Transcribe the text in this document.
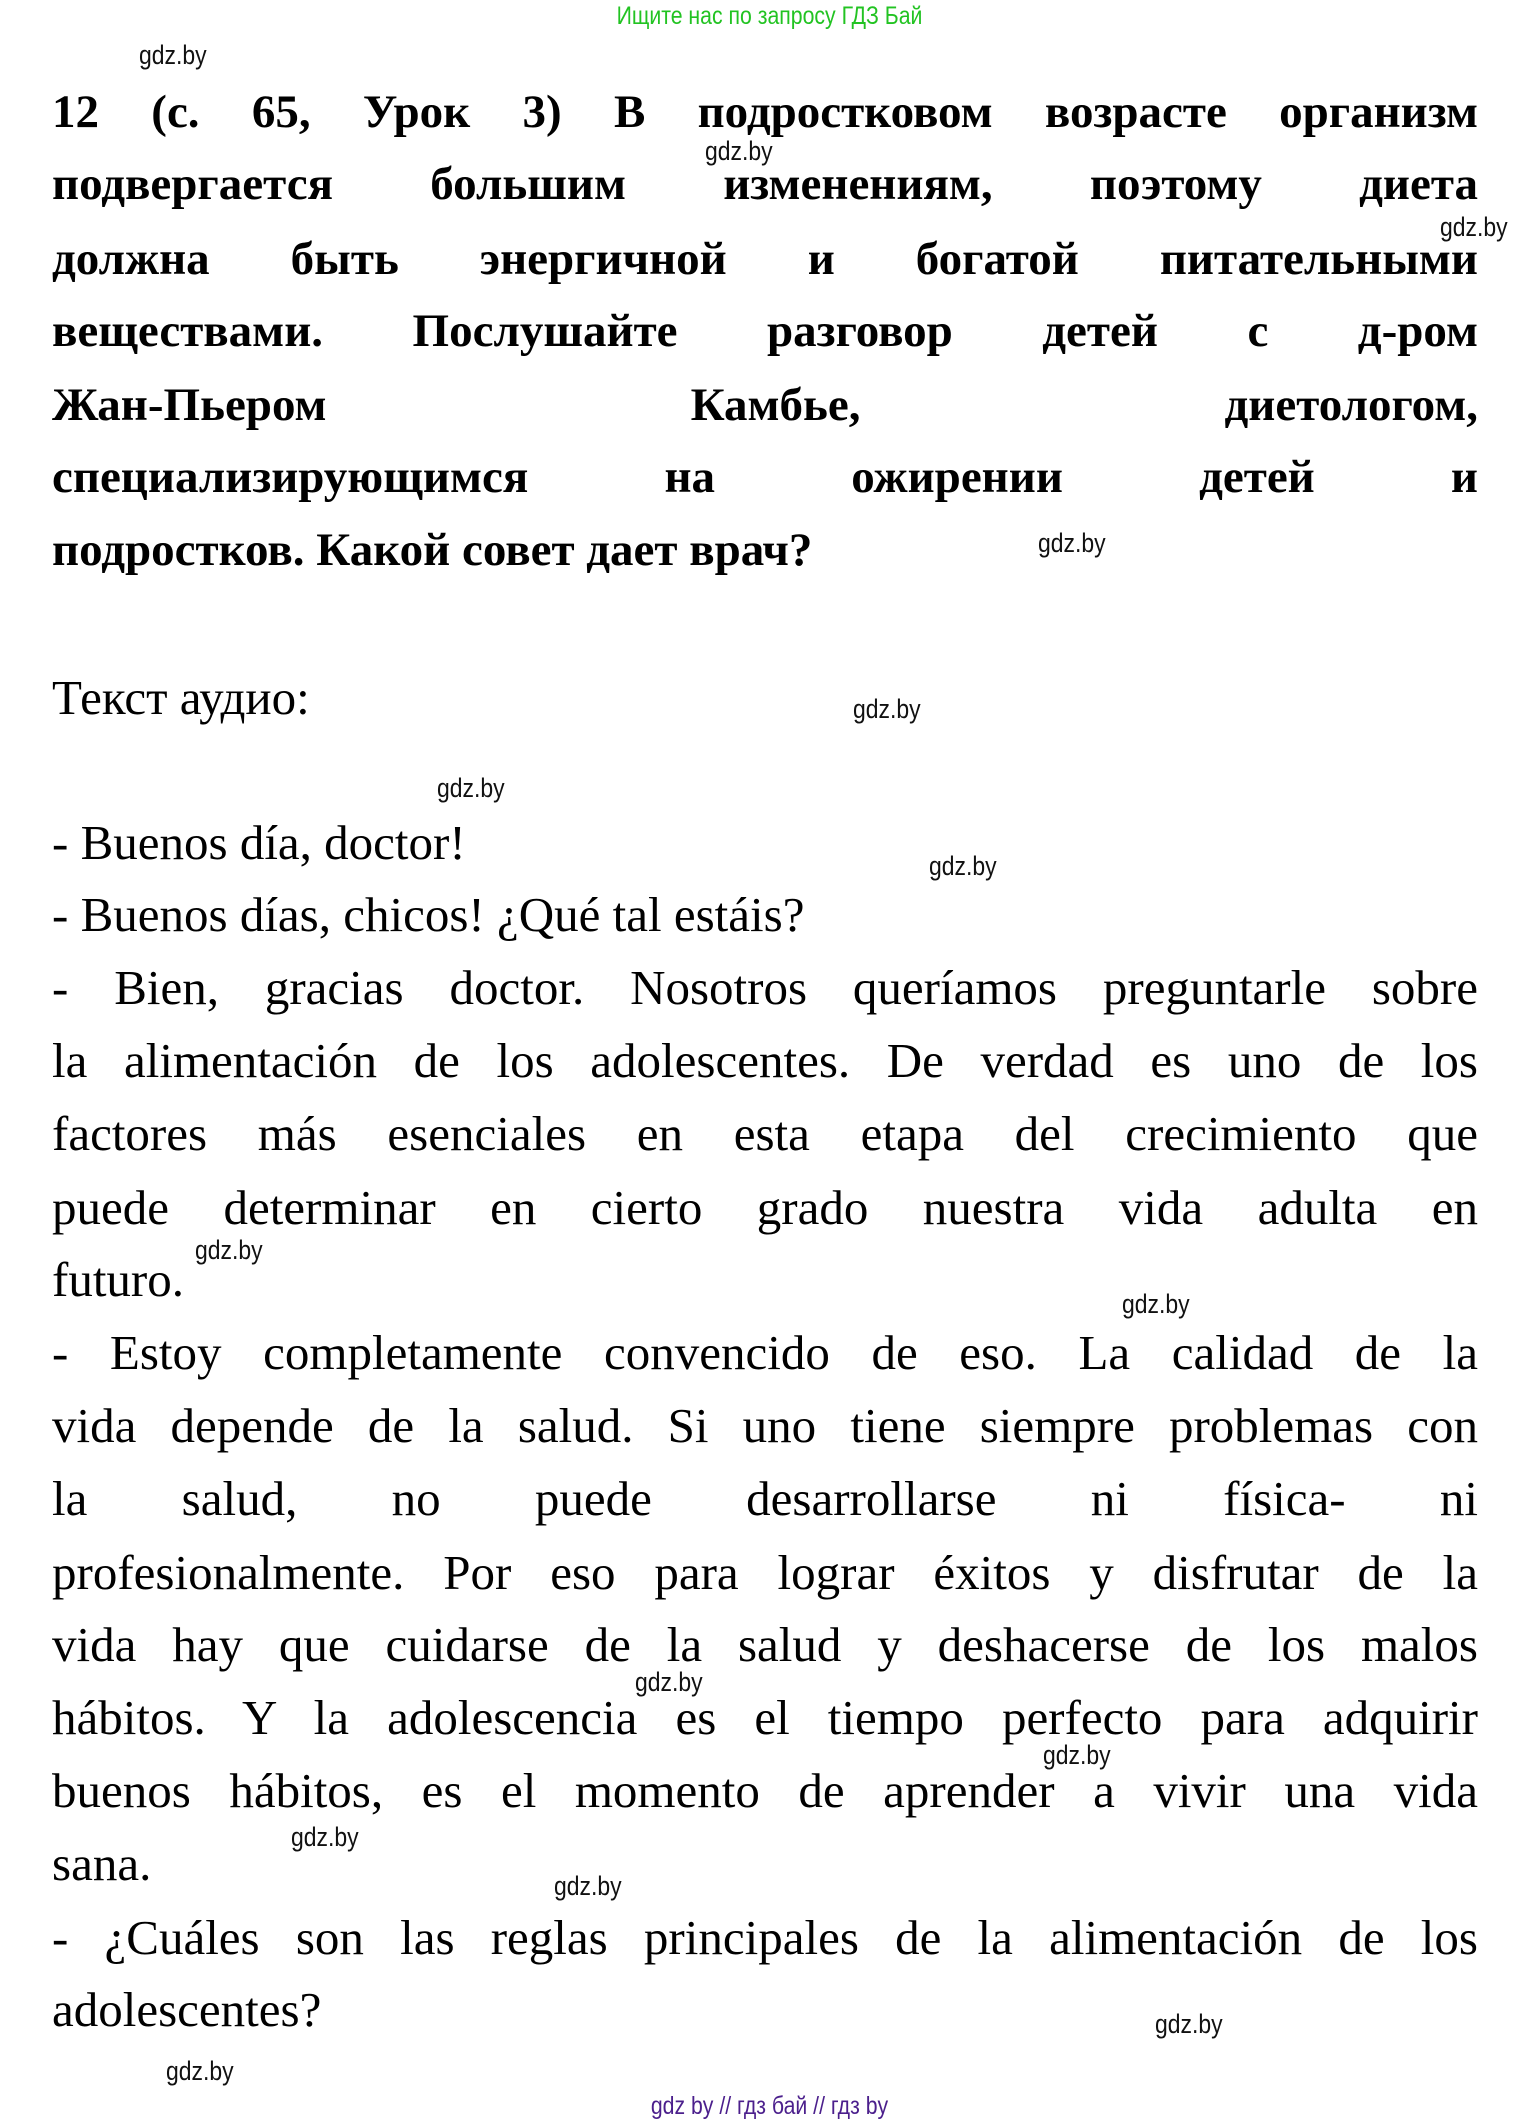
Ищите нас по запросу ГДЗ Бай
12 (с. 65, Урок 3) В подростковом возрасте организм
подвергается большим изменениям, поэтому диета
должна быть энергичной и богатой питательными
веществами. Послушайте разговор детей с д-ром
Жан-Пьером Камбье, диетологом,
специализирующимся на ожирении детей и
подростков. Какой совет дает врач?
Текст аудио:
- Buenos día, doctor!
- Buenos días, chicos! ¿Qué tal estáis?
- Bien, gracias doctor. Nosotros queríamos preguntarle sobre
la alimentación de los adolescentes. De verdad es uno de los
factores más esenciales en esta etapa del crecimiento que
puede determinar en cierto grado nuestra vida adulta en
futuro.
- Estoy completamente convencido de eso. La calidad de la
vida depende de la salud. Si uno tiene siempre problemas con
la salud, no puede desarrollarse ni física- ni
profesionalmente. Por eso para lograr éxitos y disfrutar de la
vida hay que cuidarse de la salud y deshacerse de los malos
hábitos. Y la adolescencia es el tiempo perfecto para adquirir
buenos hábitos, es el momento de aprender a vivir una vida
sana.
- ¿Cuáles son las reglas principales de la alimentación de los
adolescentes?
gdz.by
gdz.by
gdz.by
gdz.by
gdz.by
gdz.by
gdz.by
gdz.by
gdz.by
gdz.by
gdz.by
gdz.by
gdz.by
gdz.by
gdz.by
gdz by // гдз бай // гдз by
